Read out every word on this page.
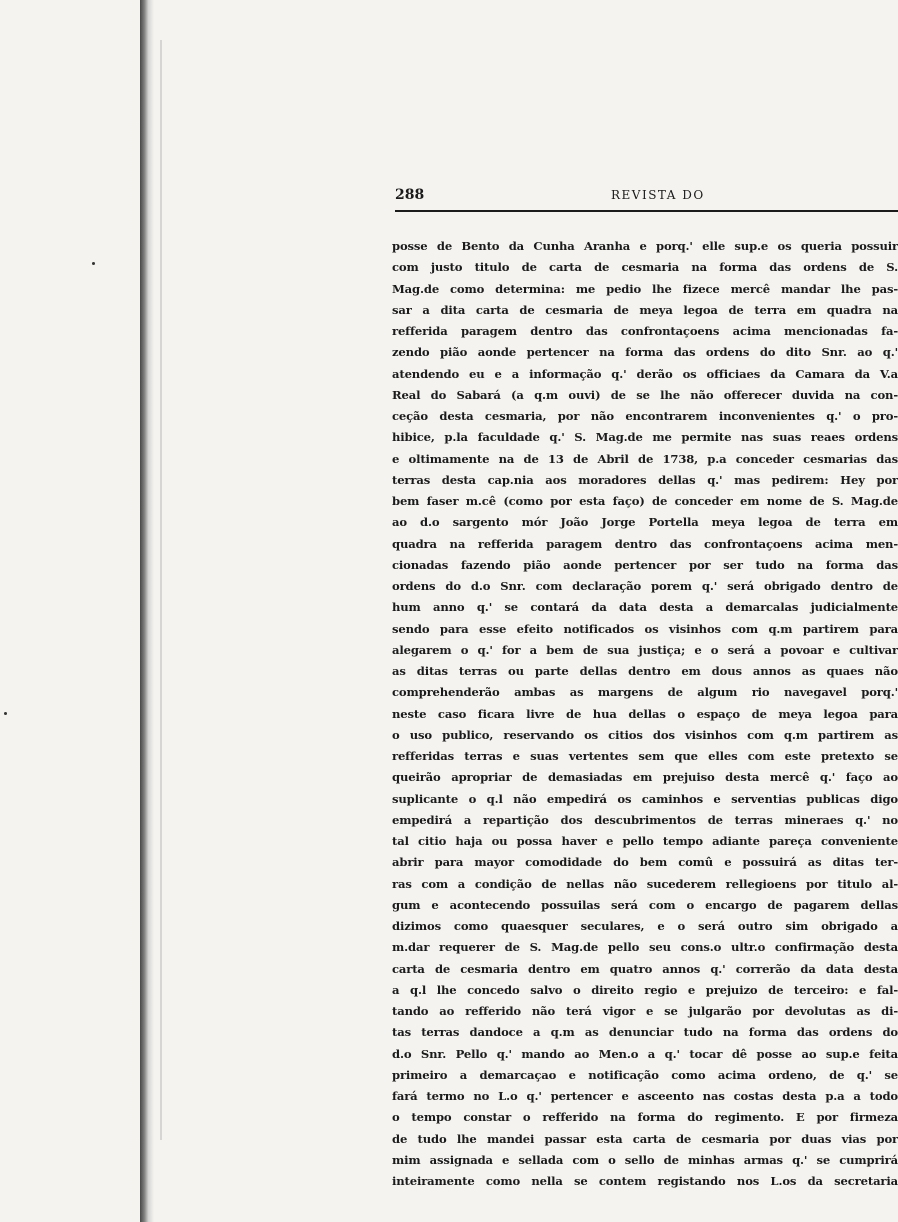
288	REVISTA DO
posse de Bento da Cunha Aranha e porq.' elle sup.e os queria possuir
com justo titulo de carta de cesmaria na forma das ordens de S.
Mag.de como determina: me pedio lhe fizece mercê mandar lhe pas-
sar a dita carta de cesmaria de meya legoa de terra em quadra na
refferida paragem dentro das confrontaçoens acima mencionadas fa-
zendo pião aonde pertencer na forma das ordens do dito Snr. ao q.'
atendendo eu e a informação q.' derão os officiaes da Camara da V.a
Real do Sabará (a q.m ouvi) de se lhe não offerecer duvida na con-
ceção desta cesmaria, por não encontrarem inconvenientes q.' o pro-
hibice, p.la faculdade q.' S. Mag.de me permite nas suas reaes ordens
e oltimamente na de 13 de Abril de 1738, p.a conceder cesmarias das
terras desta cap.nia aos moradores dellas q.' mas pedirem: Hey por
bem faser m.cê (como por esta faço) de conceder em nome de S. Mag.de
ao d.o sargento mór João Jorge Portella meya legoa de terra em
quadra na refferida paragem dentro das confrontaçoens acima men-
cionadas fazendo pião aonde pertencer por ser tudo na forma das
ordens do d.o Snr. com declaração porem q.' será obrigado dentro de
hum anno q.' se contará da data desta a demarcalas judicialmente
sendo para esse efeito notificados os visinhos com q.m partirem para
alegarem o q.' for a bem de sua justiça; e o será a povoar e cultivar
as ditas terras ou parte dellas dentro em dous annos as quaes não
comprehenderão ambas as margens de algum rio navegavel porq.'
neste caso ficara livre de hua dellas o espaço de meya legoa para
o uso publico, reservando os citios dos visinhos com q.m partirem as
refferidas terras e suas vertentes sem que elles com este pretexto se
queirão apropriar de demasiadas em prejuiso desta mercê q.' faço ao
suplicante o q.l não empedirá os caminhos e serventias publicas digo
empedirá a repartição dos descubrimentos de terras mineraes q.' no
tal citio haja ou possa haver e pello tempo adiante pareça conveniente
abrir para mayor comodidade do bem comû e possuirá as ditas ter-
ras com a condição de nellas não sucederem rellegioens por titulo al-
gum e acontecendo possuilas será com o encargo de pagarem dellas
dizimos como quaesquer seculares, e o será outro sim obrigado a
m.dar requerer de S. Mag.de pello seu cons.o ultr.o confirmação desta
carta de cesmaria dentro em quatro annos q.' correrão da data desta
a q.l lhe concedo salvo o direito regio e prejuizo de terceiro: e fal-
tando ao refferido não terá vigor e se julgarão por devolutas as di-
tas terras dandoce a q.m as denunciar tudo na forma das ordens do
d.o Snr. Pello q.' mando ao Men.o a q.' tocar dê posse ao sup.e feita
primeiro a demarcaçao e notificação como acima ordeno, de q.' se
fará termo no L.o q.' pertencer e asceento nas costas desta p.a a todo
o tempo constar o refferido na forma do regimento. E por firmeza
de tudo lhe mandei passar esta carta de cesmaria por duas vias por
mim assignada e sellada com o sello de minhas armas q.' se cumprirá
inteiramente como nella se contem registando nos L.os da secretaria
